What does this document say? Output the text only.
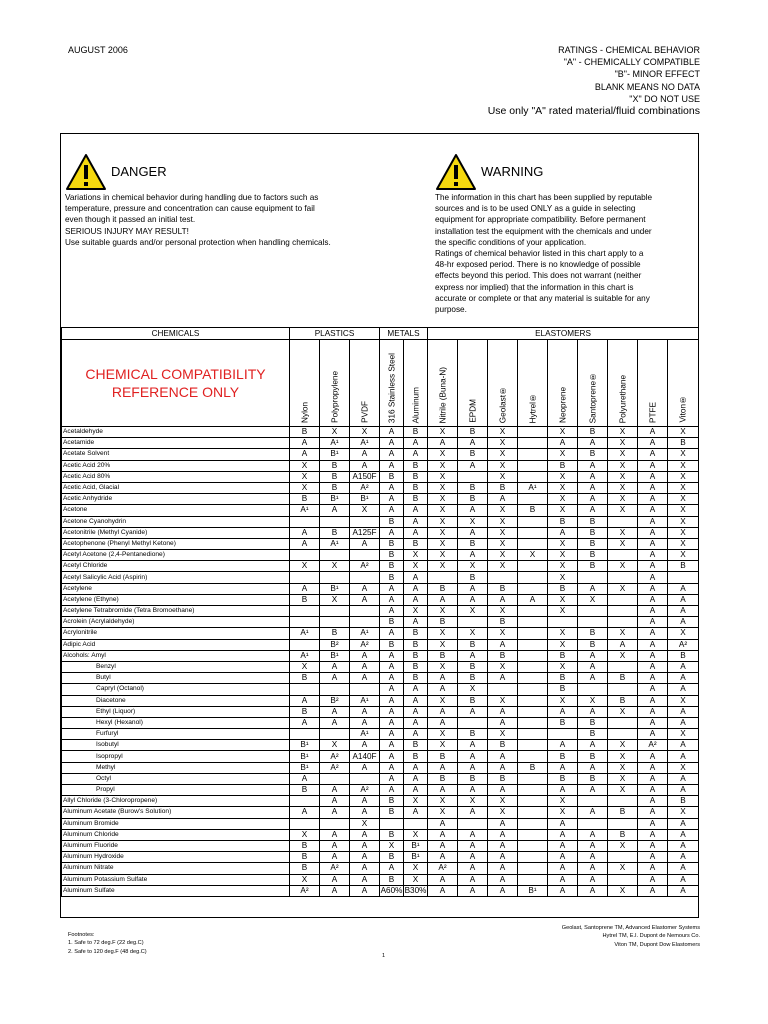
AUGUST 2006	RATINGS - CHEMICAL BEHAVIOR
"A" - CHEMICALLY COMPATIBLE
"B"- MINOR EFFECT
BLANK MEANS NO DATA
"X" DO NOT USE
Use only "A" rated material/fluid combinations
DANGER
Variations in chemical behavior during handling due to factors such as
temperature, pressure and concentration can cause equipment to fail
even though it passed an initial test.
SERIOUS INJURY MAY RESULT!
Use suitable guards and/or personal protection when handling chemicals.
WARNING
The information in this chart has been supplied by reputable
sources and is to be used ONLY as a guide in selecting
equipment for appropriate compatibility. Before permanent
installation test the equipment with the chemicals and under
the specific conditions of your application.
Ratings of chemical behavior listed in this chart apply to a
48-hr exposed period. There is no knowledge of possible
effects beyond this period. This does not warrant (neither
express nor implied) that the information in this chart is
accurate or complete or that any material is suitable for any
purpose.
CHEMICALS	PLASTICS			METALS		ELASTOMERS								

CHEMICAL COMPATIBILITY
REFERENCE ONLY	Nylon	Polypropylene	PVDF	316 Stainless Steel	Aluminum	Nitrile (Buna-N)	EPDM	Geolast®	Hytrel®	Neoprene	Santoprene®	Polyurethane	PTFE	Viton®

Acetaldehyde	B	X	X	A	B	X	B	X		X	B	X	A	X
Acetamide	A	A¹	A¹	A	A	A	A	X		A	A	X	A	B
Acetate Solvent	A	B¹	A	A	A	X	B	X		X	B	X	A	X
Acetic Acid 20%	X	B	A	A	B	X	A	X		B	A	X	A	X
Acetic Acid 80%	X	B	A150F	B	B	X		X		X	A	X	A	X
Acetic Acid, Glacial	X	B	A²	A	B	X	B	B	A¹	X	A	X	A	X
Acetic Anhydride	B	B¹	B¹	A	B	X	B	A		X	A	X	A	X
Acetone	A¹	A	X	A	A	X	A	X	B	X	A	X	A	X
Acetone Cyanohydrin				B	A	X	X	X		B	B		A	X
Acetonitrile (Methyl Cyanide)	A	B	A125F	A	A	X	A	X		A	B	X	A	X
Acetophenone (Phenyl Methyl Ketone)	A	A¹	A	B	B	X	B	X		X	B	X	A	X
Acetyl Acetone (2,4-Pentanedione)				B	X	X	A	X	X	X	B		A	X
Acetyl Chloride	X	X	A²	B	X	X	X	X		X	B	X	A	B
Acetyl Salicylic Acid (Aspirin)				B	A		B			X			A	
Acetylene	A	B¹	A	A	A	B	A	B		B	A	X	A	A
Acetylene (Ethyne)	B	X	A	A	A	A	A	A	A	X	X		A	A
Acetylene Tetrabromide (Tetra Bromoethane)				A	X	X	X	X		X			A	A
Acrolein (Acrylaldehyde)				B	A	B		B					A	A
Acrylonitrile	A¹	B	A¹	A	B	X	X	X		X	B	X	A	X
Adipic Acid		B²	A²	B	B	X	B	A		X	B	A	A	A²
Alcohols: Amyl	A¹	B¹	A	A	B	B	A	B		B	A	X	A	B
Benzyl	X	A	A	A	B	X	B	X		X	A		A	A
Butyl	B	A	A	A	B	A	B	A		B	A	B	A	A
Capryl (Octanol)				A	A	A	X			B			A	A
Diacetone	A	B²	A¹	A	A	X	B	X		X	X	B	A	X
Ethyl (Liquor)	B	A	A	A	A	A	A	A		A	A	X	A	A
Hexyl (Hexanol)	A	A	A	A	A	A		A		B	B		A	A
Furfuryl			A¹	A	A	X	B	X			B		A	X
Isobutyl	B¹	X	A	A	B	X	A	B		A	A	X	A²	A
Isopropyl	B¹	A²	A140F	A	B	B	A	A		B	B	X	A	A
Methyl	B¹	A²	A	A	A	A	A	A	B	A	A	X	A	X
Octyl	A			A	A	B	B	B		B	B	X	A	A
Propyl	B	A	A²	A	A	A	A	A		A	A	X	A	A
Allyl Chloride (3-Chloropropene)		A	A	B	X	X	X	X		X			A	B
Aluminum Acetate (Burow's Solution)	A	A	A	B	A	X	A	X		X	A	B	A	X
Aluminum Bromide			X			A		A		A			A	A
Aluminum Chloride	X	A	A	B	X	A	A	A		A	A	B	A	A
Aluminum Fluoride	B	A	A	X	B¹	A	A	A		A	A	X	A	A
Aluminum Hydroxide	B	A	A	B	B¹	A	A	A		A	A		A	A
Aluminum Nitrate	B	A²	A	A	X	A²	A	A		A	A	X	A	A
Aluminum Potassium Sulfate	X	A	A	B	X	A	A	A		A	A		A	A
Aluminum Sulfate	A²	A	A	A60%	B30%	A	A	A	B¹	A	A	X	A	A
Footnotes:
1. Safe to 72 deg.F (22 deg.C)
2. Safe to 120 deg.F (48 deg.C)
1
Geolast, Santoprene TM, Advanced Elastomer Systems
Hytrel TM, E.I. Dupont de Nemours Co.
Viton TM, Dupont Dow Elastomers
